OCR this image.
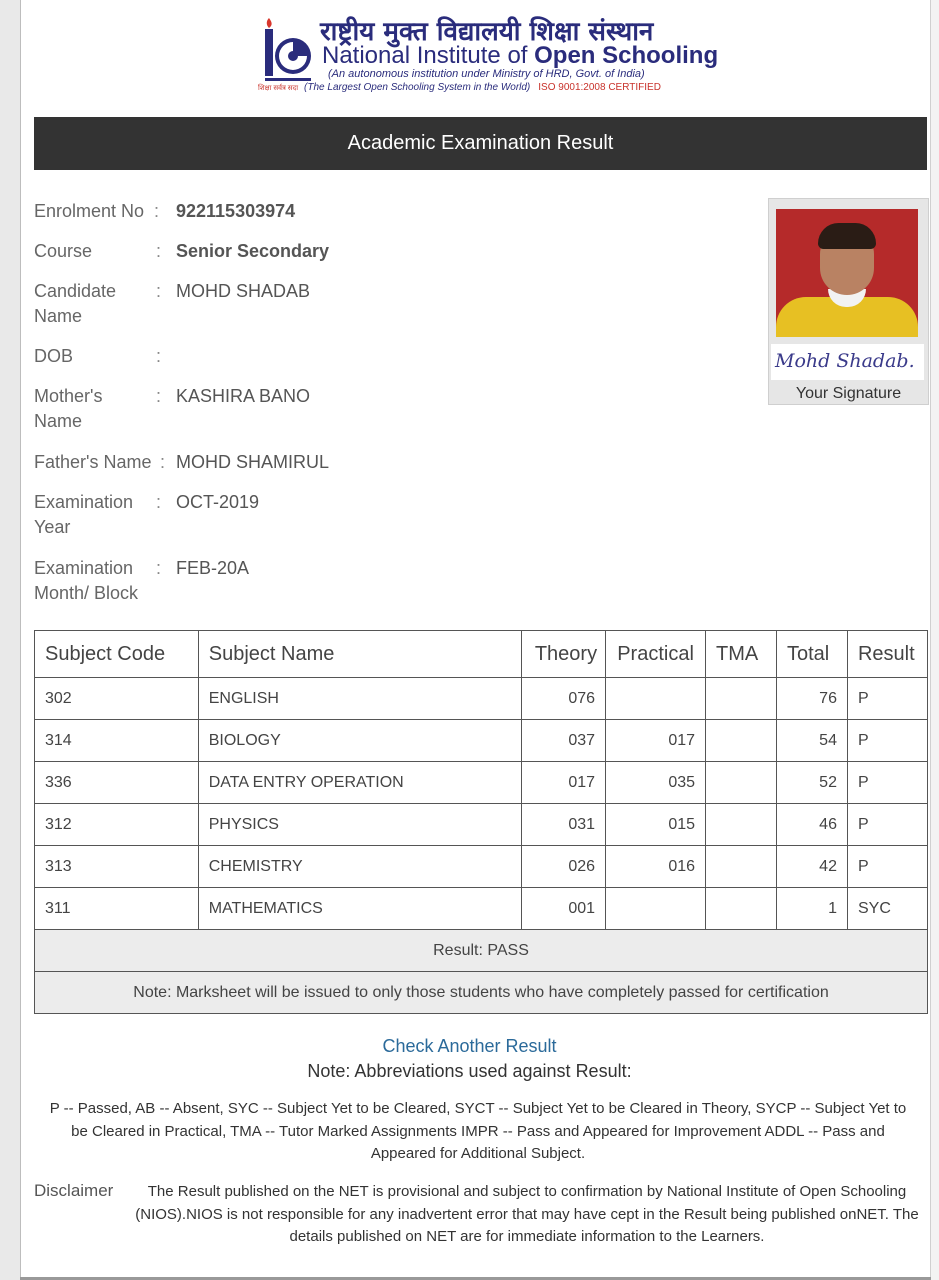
राष्ट्रीय मुक्त विद्यालयी शिक्षा संस्थान
National Institute of Open Schooling
(An autonomous institution under Ministry of HRD, Govt. of India)
शिक्षा सर्वत्र सदा (The Largest Open Schooling System in the World) ISO 9001:2008 CERTIFIED
Academic Examination Result
Enrolment No : 922115303974
Course	: Senior Secondary
Candidate Name
: MOHD SHADAB
DOB	:
Mother's Name
: KASHIRA BANO
Father's Name : MOHD SHAMIRUL
Examination Year
: OCT-2019
Examination Month/ Block
: FEB-20A
Mohd Shadab.
Your Signature
Subject Code	Subject Name	Theory	Practical	TMA	Total	Result
302	ENGLISH	076			76	P
314	BIOLOGY	037	017		54	P
336	DATA ENTRY OPERATION	017	035		52	P
312	PHYSICS	031	015		46	P
313	CHEMISTRY	026	016		42	P
311	MATHEMATICS	001			1	SYC
Result: PASS						
Note: Marksheet will be issued to only those students who have completely passed for certification						
Check Another Result
Note: Abbreviations used against Result:
P -- Passed, AB -- Absent, SYC -- Subject Yet to be Cleared, SYCT -- Subject Yet to be Cleared in Theory, SYCP -- Subject Yet to be Cleared in Practical, TMA -- Tutor Marked Assignments IMPR -- Pass and Appeared for Improvement ADDL -- Pass and Appeared for Additional Subject.
Disclaimer	The Result published on the NET is provisional and subject to confirmation by National Institute of Open Schooling (NIOS).NIOS is not responsible for any inadvertent error that may have cept in the Result being published onNET. The details published on NET are for immediate information to the Learners.
